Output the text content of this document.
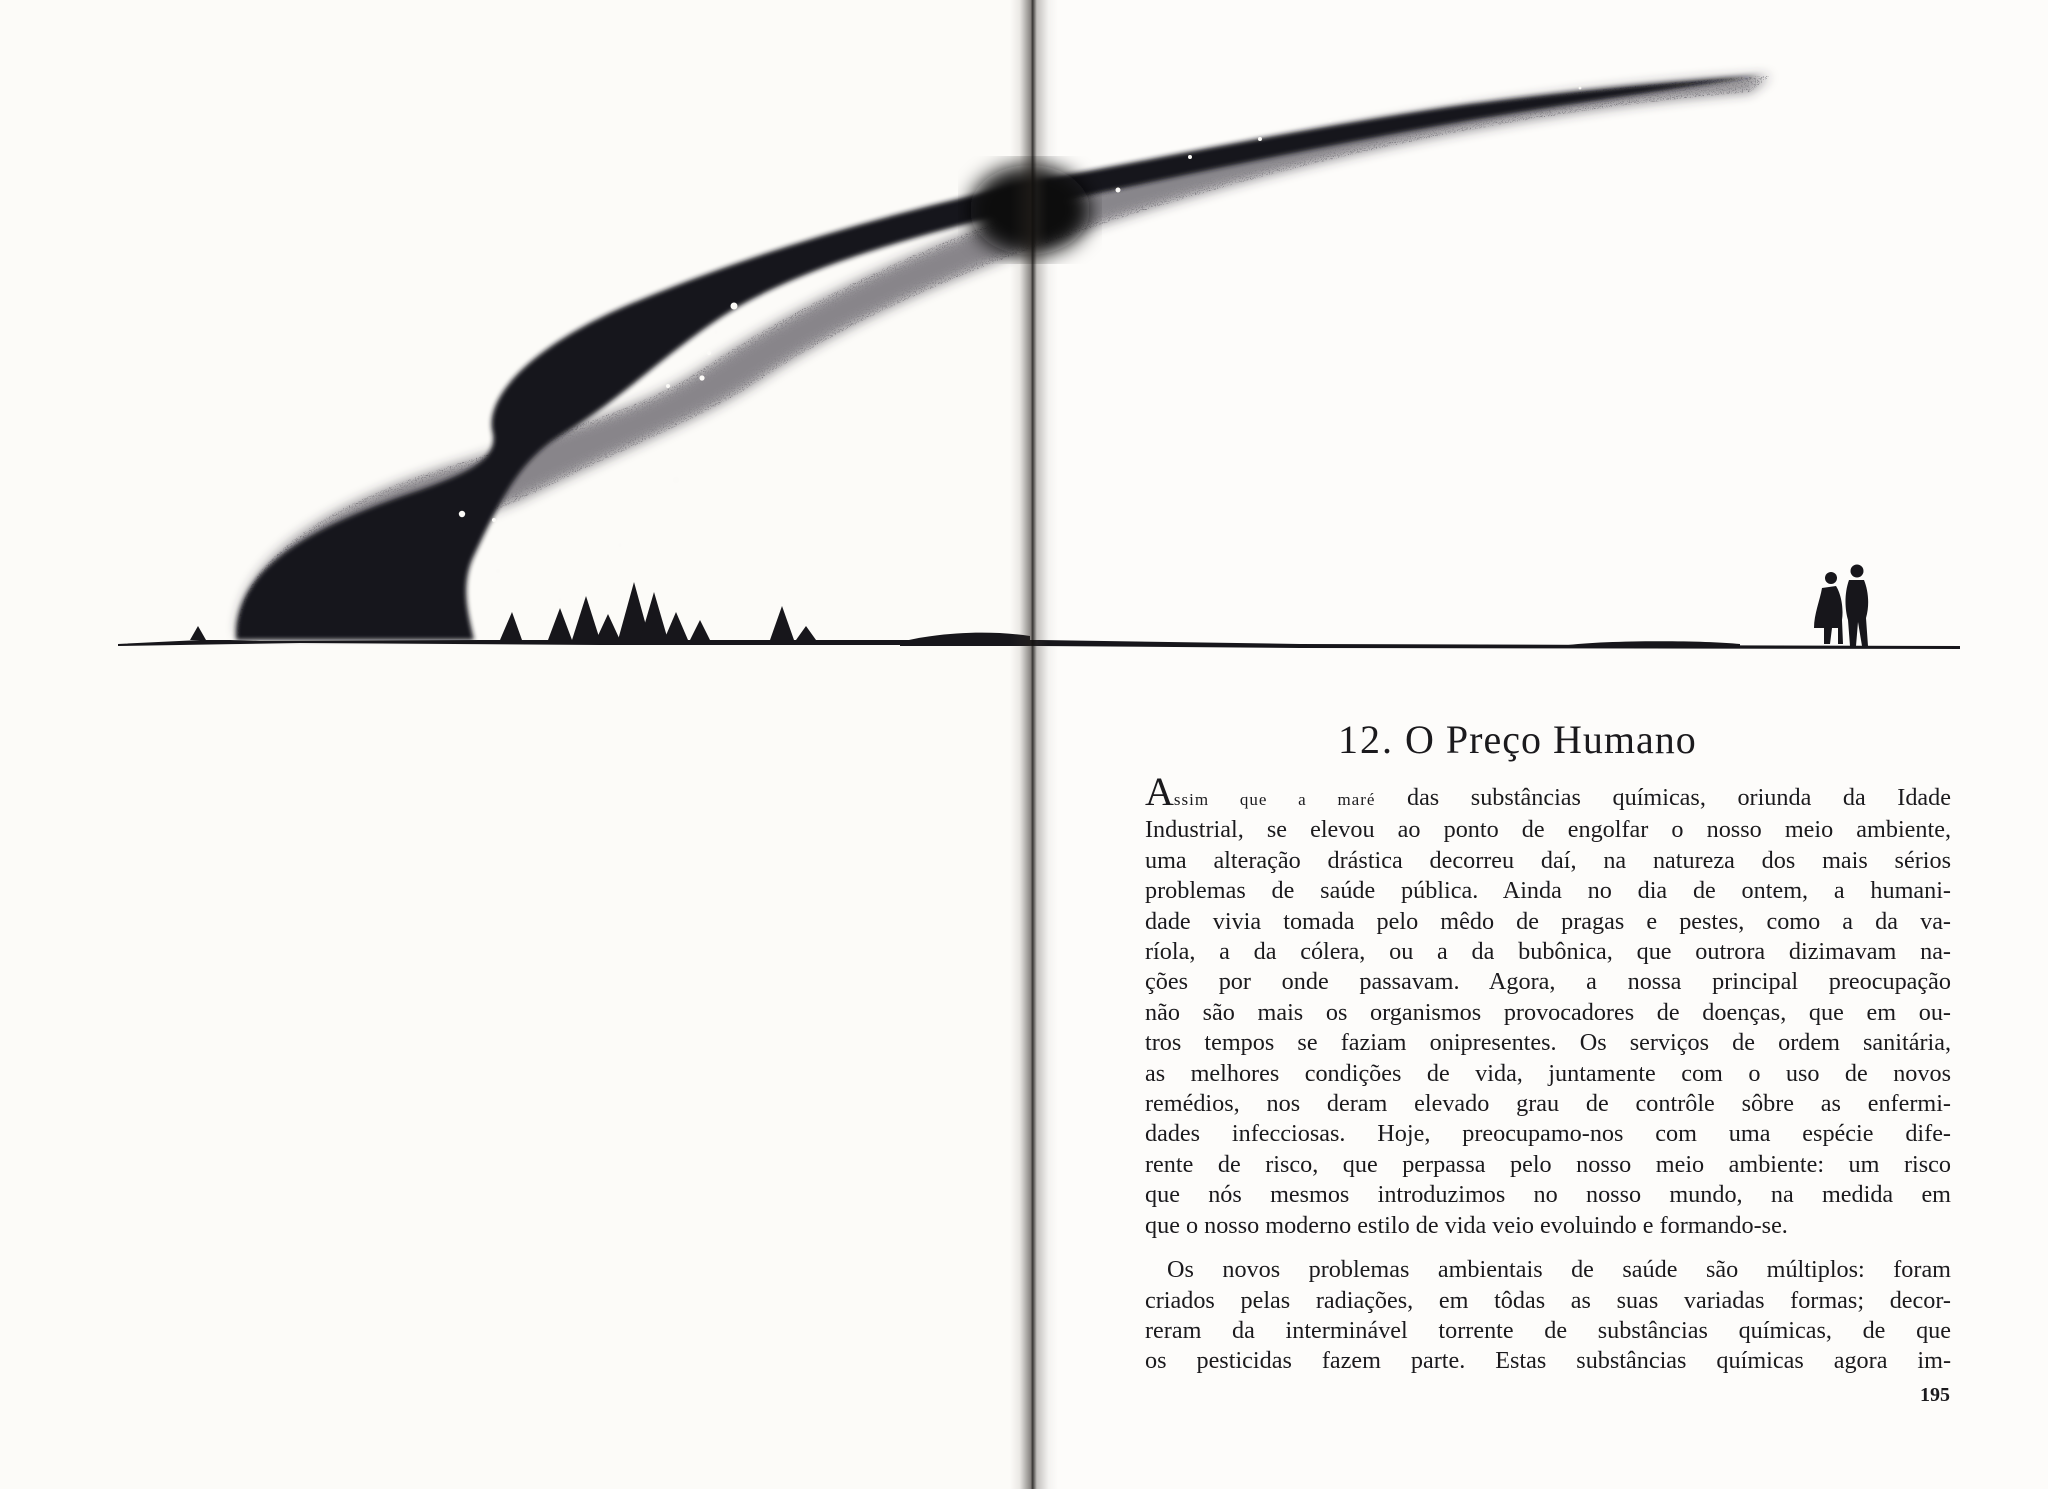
12. O Preço Humano

Assim que a maré das substâncias químicas, oriunda da Idade

Industrial, se elevou ao ponto de engolfar o nosso meio ambiente,

uma alteração drástica decorreu daí, na natureza dos mais sérios

problemas de saúde pública. Ainda no dia de ontem, a humani-

dade vivia tomada pelo mêdo de pragas e pestes, como a da va-

ríola, a da cólera, ou a da bubônica, que outrora dizimavam na-

ções por onde passavam. Agora, a nossa principal preocupação

não são mais os organismos provocadores de doenças, que em ou-

tros tempos se faziam onipresentes. Os serviços de ordem sanitária,

as melhores condições de vida, juntamente com o uso de novos

remédios, nos deram elevado grau de contrôle sôbre as enfermi-

dades infecciosas. Hoje, preocupamo-nos com uma espécie dife-

rente de risco, que perpassa pelo nosso meio ambiente: um risco

que nós mesmos introduzimos no nosso mundo, na medida em

que o nosso moderno estilo de vida veio evoluindo e formando-se.

Os novos problemas ambientais de saúde são múltiplos: foram

criados pelas radiações, em tôdas as suas variadas formas; decor-

reram da interminável torrente de substâncias químicas, de que

os pesticidas fazem parte. Estas substâncias químicas agora im-

195
